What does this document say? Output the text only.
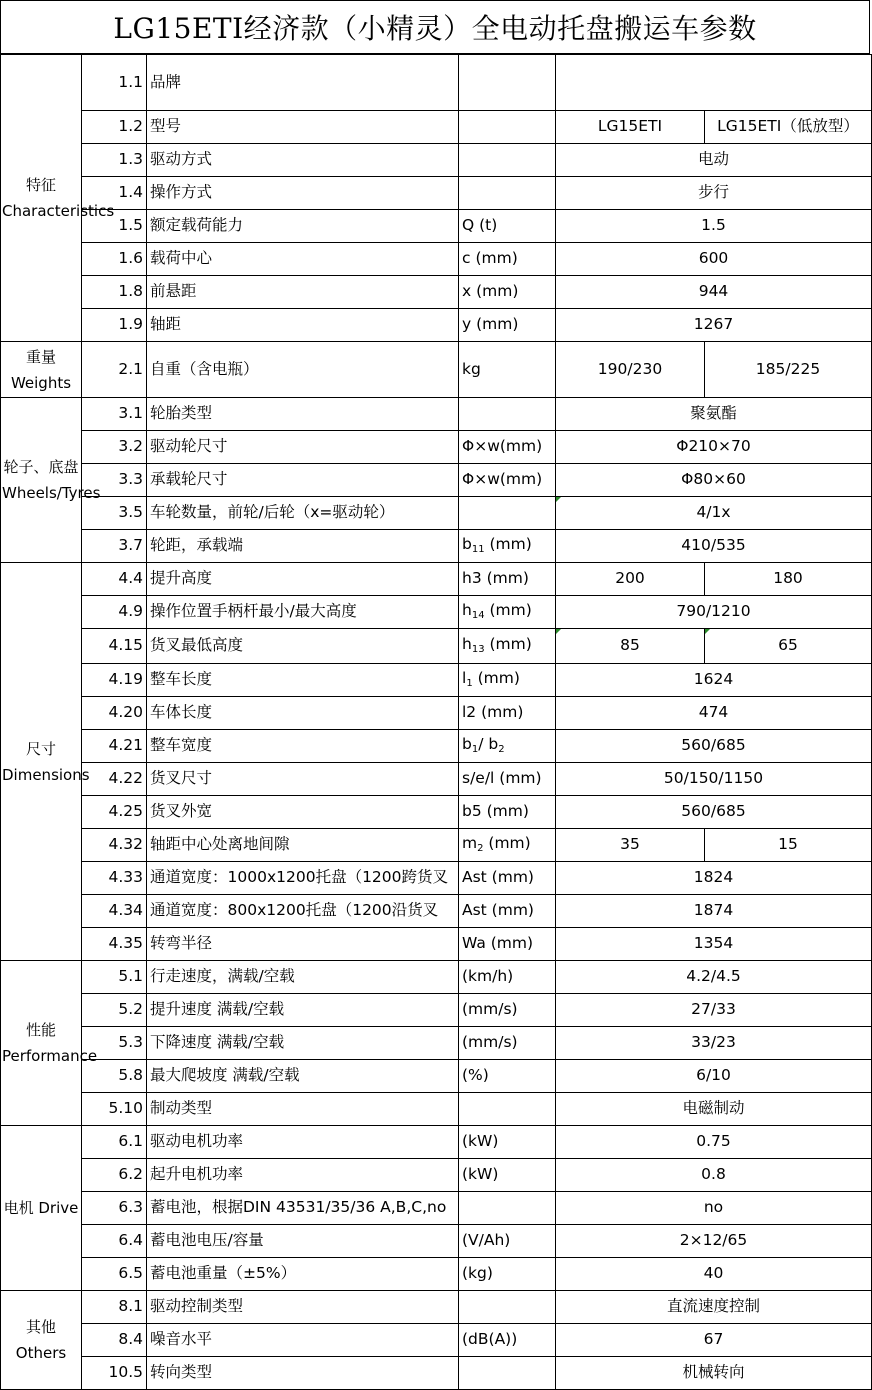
LG15ETⅠ经济款（小精灵）全电动托盘搬运车参数
特征 Characteristics	1.1	品牌			
	1.2	型号		LG15ETⅠ	LG15ETⅠ（低放型）
	1.3	驱动方式		电动	
	1.4	操作方式		步行	
	1.5	额定载荷能力	Q (t)	1.5	
	1.6	载荷中心	c (mm)	600	
	1.8	前悬距	x (mm)	944	
	1.9	轴距	y (mm)	1267	
重量 Weights	2.1	自重（含电瓶）	kg	190/230	185/225
轮子、底盘 Wheels/Tyres	3.1	轮胎类型		聚氨酯	
	3.2	驱动轮尺寸	Φ×w(mm)	Φ210×70	
	3.3	承载轮尺寸	Φ×w(mm)	Φ80×60	
	3.5	车轮数量，前轮/后轮（x=驱动轮）		4/1x	
	3.7	轮距，承载端	$b_{11}$ (mm)	410/535	
尺寸 Dimensions	4.4	提升高度	h3 (mm)	200	180
	4.9	操作位置手柄杆最小/最大高度	$h_{14}$ (mm)	790/1210	
	4.15	货叉最低高度	$h_{13}$ (mm)	85	65
	4.19	整车长度	$l_1$ (mm)	1624	
	4.20	车体长度	l2 (mm)	474	
	4.21	整车宽度	$b_1/$ $b_2$	560/685	
	4.22	货叉尺寸	s/e/l (mm)	50/150/1150	
	4.25	货叉外宽	b5 (mm)	560/685	
	4.32	轴距中心处离地间隙	$m_2$ (mm)	35	15
	4.33	通道宽度：1000x1200托盘（1200跨货叉	Ast (mm)	1824	
	4.34	通道宽度：800x1200托盘（1200沿货叉	Ast (mm)	1874	
	4.35	转弯半径	Wa (mm)	1354	
性能 Performance	5.1	行走速度，满载/空载	(km/h)	4.2/4.5	
	5.2	提升速度 满载/空载	(mm/s)	27/33	
	5.3	下降速度 满载/空载	(mm/s)	33/23	
	5.8	最大爬坡度 满载/空载	(%)	6/10	
	5.10	制动类型		电磁制动	
电机 Drive	6.1	驱动电机功率	(kW)	0.75	
	6.2	起升电机功率	(kW)	0.8	
	6.3	蓄电池，根据DIN 43531/35/36 A,B,C,no		no	
	6.4	蓄电池电压/容量	(V/Ah)	2×12/65	
	6.5	蓄电池重量（±5%）	(kg)	40	
其他 Others	8.1	驱动控制类型		直流速度控制	
	8.4	噪音水平	(dB(A))	67	
	10.5	转向类型		机械转向	
